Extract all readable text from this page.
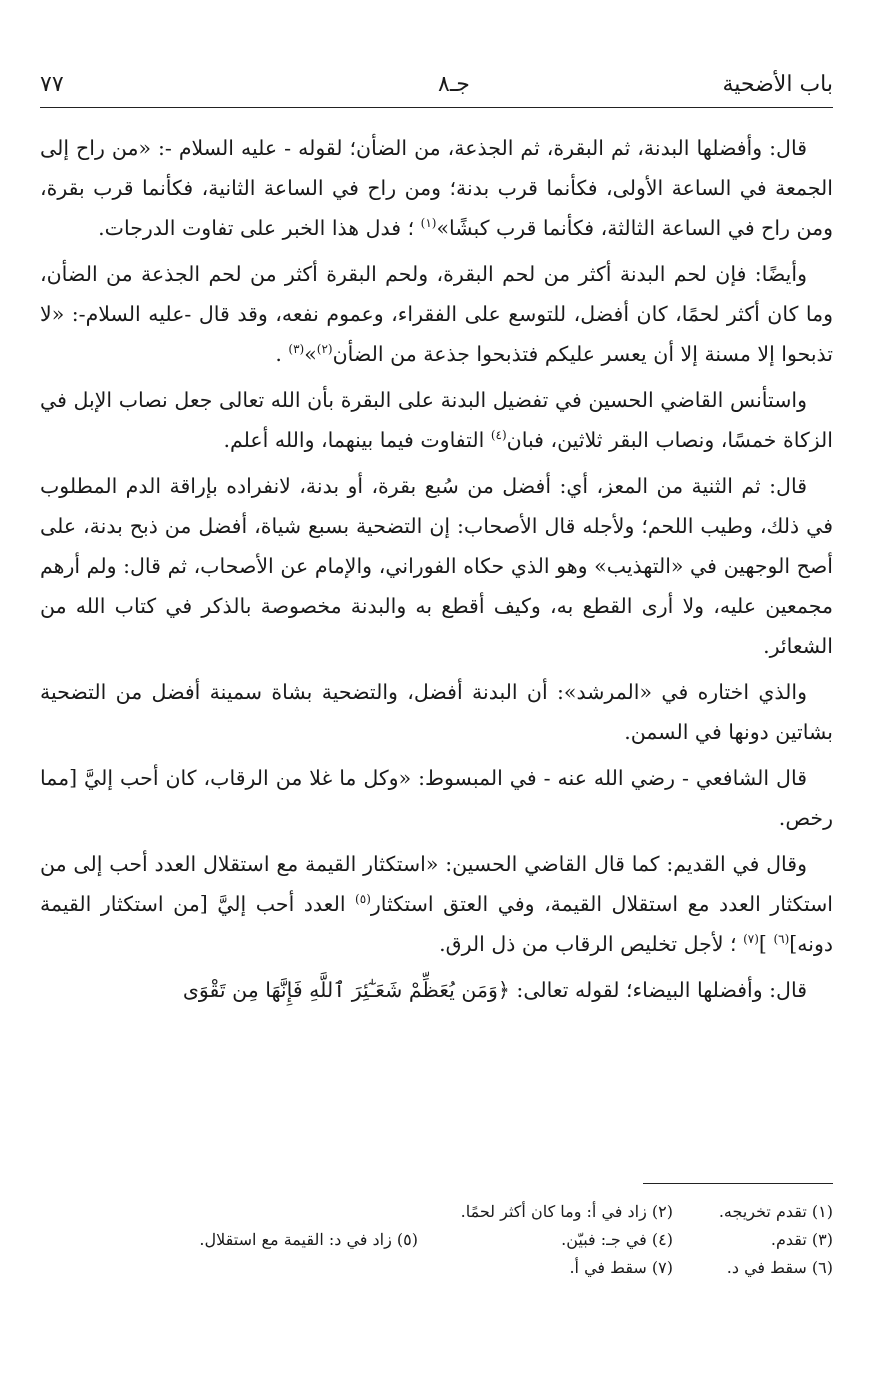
باب الأضحية
جـ٨
٧٧

قال: وأفضلها البدنة، ثم البقرة، ثم الجذعة، من الضأن؛ لقوله - عليه السلام -: «من راح إلى الجمعة في الساعة الأولى، فكأنما قرب بدنة؛ ومن راح في الساعة الثانية، فكأنما قرب بقرة، ومن راح في الساعة الثالثة، فكأنما قرب كبشًا»$^{(١)}$ ؛ فدل هذا الخبر على تفاوت الدرجات.

وأيضًا: فإن لحم البدنة أكثر من لحم البقرة، ولحم البقرة أكثر من لحم الجذعة من الضأن، وما كان أكثر لحمًا، كان أفضل، للتوسع على الفقراء، وعموم نفعه، وقد قال -عليه السلام-: «لا تذبحوا إلا مسنة إلا أن يعسر عليكم فتذبحوا جذعة من الضأن$^{(٢)}$»$^{(٣)}$ .

واستأنس القاضي الحسين في تفضيل البدنة على البقرة بأن الله تعالى جعل نصاب الإبل في الزكاة خمسًا، ونصاب البقر ثلاثين، فبان$^{(٤)}$ التفاوت فيما بينهما، والله أعلم.

قال: ثم الثنية من المعز، أي: أفضل من سُبع بقرة، أو بدنة، لانفراده بإراقة الدم المطلوب في ذلك، وطيب اللحم؛ ولأجله قال الأصحاب: إن التضحية بسبع شياة، أفضل من ذبح بدنة، على أصح الوجهين في «التهذيب» وهو الذي حكاه الفوراني، والإمام عن الأصحاب، ثم قال: ولم أرهم مجمعين عليه، ولا أرى القطع به، وكيف أقطع به والبدنة مخصوصة بالذكر في كتاب الله من الشعائر.

والذي اختاره في «المرشد»: أن البدنة أفضل، والتضحية بشاة سمينة أفضل من التضحية بشاتين دونها في السمن.

قال الشافعي - رضي الله عنه - في المبسوط: «وكل ما غلا من الرقاب، كان أحب إليَّ [مما رخص.

وقال في القديم: كما قال القاضي الحسين: «استكثار القيمة مع استقلال العدد أحب إلى من استكثار العدد مع استقلال القيمة، وفي العتق استكثار$^{(٥)}$ العدد أحب إليَّ [من استكثار القيمة دونه]$^{(٦)}$ ]$^{(٧)}$ ؛ لأجل تخليص الرقاب من ذل الرق.

قال: وأفضلها البيضاء؛ لقوله تعالى: ﴿وَمَن يُعَظِّمْ شَعَـٰٓئِرَ ٱللَّهِ فَإِنَّهَا مِن تَقْوَى

(١) تقدم تخريجه.
(٢) زاد في أ: وما كان أكثر لحمًا.
(٣) تقدم.
(٤) في جـ: فبيّن.
(٥) زاد في د: القيمة مع استقلال.
(٦) سقط في د.
(٧) سقط في أ.
